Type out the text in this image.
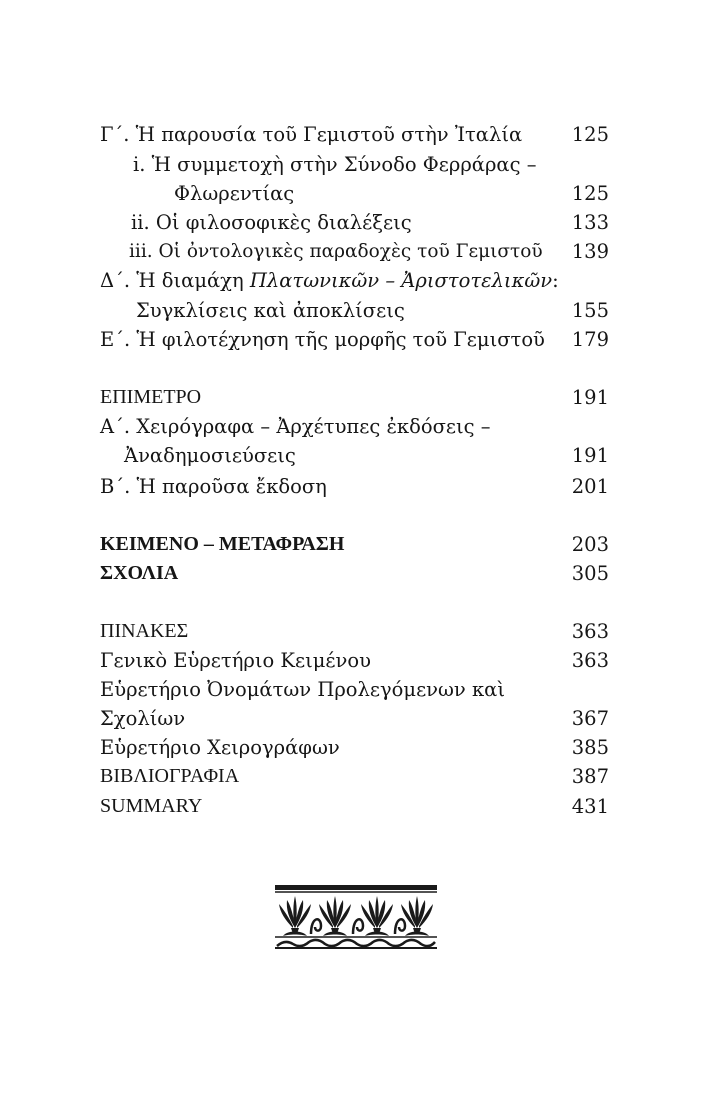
Γ΄. Ἡ παρουσία τοῦ Γεμιστοῦ στὴν Ἰταλία	125
i. Ἡ συμμετοχὴ στὴν Σύνοδο Φερράρας –
Φλωρεντίας	125
ii. Οἱ φιλοσοφικὲς διαλέξεις	133
iii. Οἱ ὀντολογικὲς παραδοχὲς τοῦ Γεμιστοῦ 139
Δ΄. Ἡ διαμάχη Πλατωνικῶν – Ἀριστοτελικῶν:
Συγκλίσεις καὶ ἀποκλίσεις	155
Ε΄. Ἡ φιλοτέχνηση τῆς μορφῆς τοῦ Γεμιστοῦ 179
ΕΠΙΜΕΤΡΟ	191
Α΄. Χειρόγραφα – Ἀρχέτυπες ἐκδόσεις –
Ἀναδημοσιεύσεις	191
Β΄. Ἡ παροῦσα ἔκδοση	201
ΚΕΙΜΕΝΟ – ΜΕΤΑΦΡΑΣΗ	203
ΣΧΟΛΙΑ	305
ΠΙΝΑΚΕΣ	363
Γενικὸ Εὑρετήριο Κειμένου	363
Εὑρετήριο Ὀνομάτων Προλεγόμενων καὶ
Σχολίων	367
Εὑρετήριο Χειρογράφων	385
ΒΙΒΛΙΟΓΡΑΦΙΑ	387
SUMMARY	431
